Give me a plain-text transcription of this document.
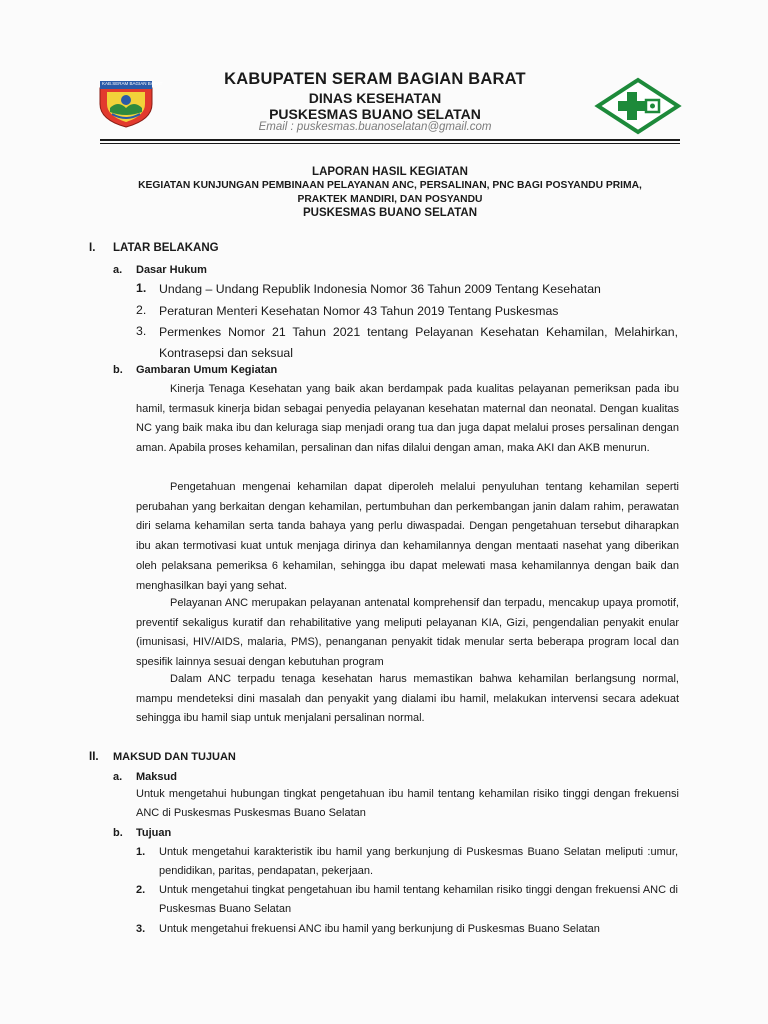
KAB.SERAM BAGIAN BARAT	KABUPATEN SERAM BAGIAN BARAT
DINAS KESEHATAN
PUSKESMAS BUANO SELATAN
Email : puskesmas.buanoselatan@gmail.com
LAPORAN HASIL KEGIATAN
KEGIATAN KUNJUNGAN PEMBINAAN PELAYANAN ANC, PERSALINAN, PNC BAGI POSYANDU PRIMA,
PRAKTEK MANDIRI, DAN POSYANDU
PUSKESMAS BUANO SELATAN
I. LATAR BELAKANG
a. Dasar Hukum
1. Undang – Undang Republik Indonesia Nomor 36 Tahun 2009 Tentang Kesehatan
2. Peraturan Menteri Kesehatan Nomor 43 Tahun 2019 Tentang Puskesmas
3. Permenkes Nomor 21 Tahun 2021 tentang Pelayanan Kesehatan Kehamilan, Melahirkan, Kontrasepsi dan seksual
b. Gambaran Umum Kegiatan
Kinerja Tenaga Kesehatan yang baik akan berdampak pada kualitas pelayanan pemeriksan pada ibu hamil, termasuk kinerja bidan sebagai penyedia pelayanan kesehatan maternal dan neonatal. Dengan kualitas NC yang baik maka ibu dan keluraga siap menjadi orang tua dan juga dapat melalui proses persalinan dengan aman. Apabila proses kehamilan, persalinan dan nifas dilalui dengan aman, maka AKI dan AKB menurun.
Pengetahuan mengenai kehamilan dapat diperoleh melalui penyuluhan tentang kehamilan seperti perubahan yang berkaitan dengan kehamilan, pertumbuhan dan perkembangan janin dalam rahim, perawatan diri selama kehamilan serta tanda bahaya yang perlu diwaspadai. Dengan pengetahuan tersebut diharapkan ibu akan termotivasi kuat untuk menjaga dirinya dan kehamilannya dengan mentaati nasehat yang diberikan oleh pelaksana pemeriksa 6 kehamilan, sehingga ibu dapat melewati masa kehamilannya dengan baik dan menghasilkan bayi yang sehat.
Pelayanan ANC merupakan pelayanan antenatal komprehensif dan terpadu, mencakup upaya promotif, preventif sekaligus kuratif dan rehabilitative yang meliputi pelayanan KIA, Gizi, pengendalian penyakit enular (imunisasi, HIV/AIDS, malaria, PMS), penanganan penyakit tidak menular serta beberapa program local dan spesifik lainnya sesuai dengan kebutuhan program
Dalam ANC terpadu tenaga kesehatan harus memastikan bahwa kehamilan berlangsung normal, mampu mendeteksi dini masalah dan penyakit yang dialami ibu hamil, melakukan intervensi secara adekuat sehingga ibu hamil siap untuk menjalani persalinan normal.
II. MAKSUD DAN TUJUAN
a. Maksud
Untuk mengetahui hubungan tingkat pengetahuan ibu hamil tentang kehamilan risiko tinggi dengan frekuensi ANC di Puskesmas Puskesmas Buano Selatan
b. Tujuan
1. Untuk mengetahui karakteristik ibu hamil yang berkunjung di Puskesmas Buano Selatan meliputi :umur, pendidikan, paritas, pendapatan, pekerjaan.
2. Untuk mengetahui tingkat pengetahuan ibu hamil tentang kehamilan risiko tinggi dengan frekuensi ANC di Puskesmas Buano Selatan
3. Untuk mengetahui frekuensi ANC ibu hamil yang berkunjung di Puskesmas Buano Selatan
